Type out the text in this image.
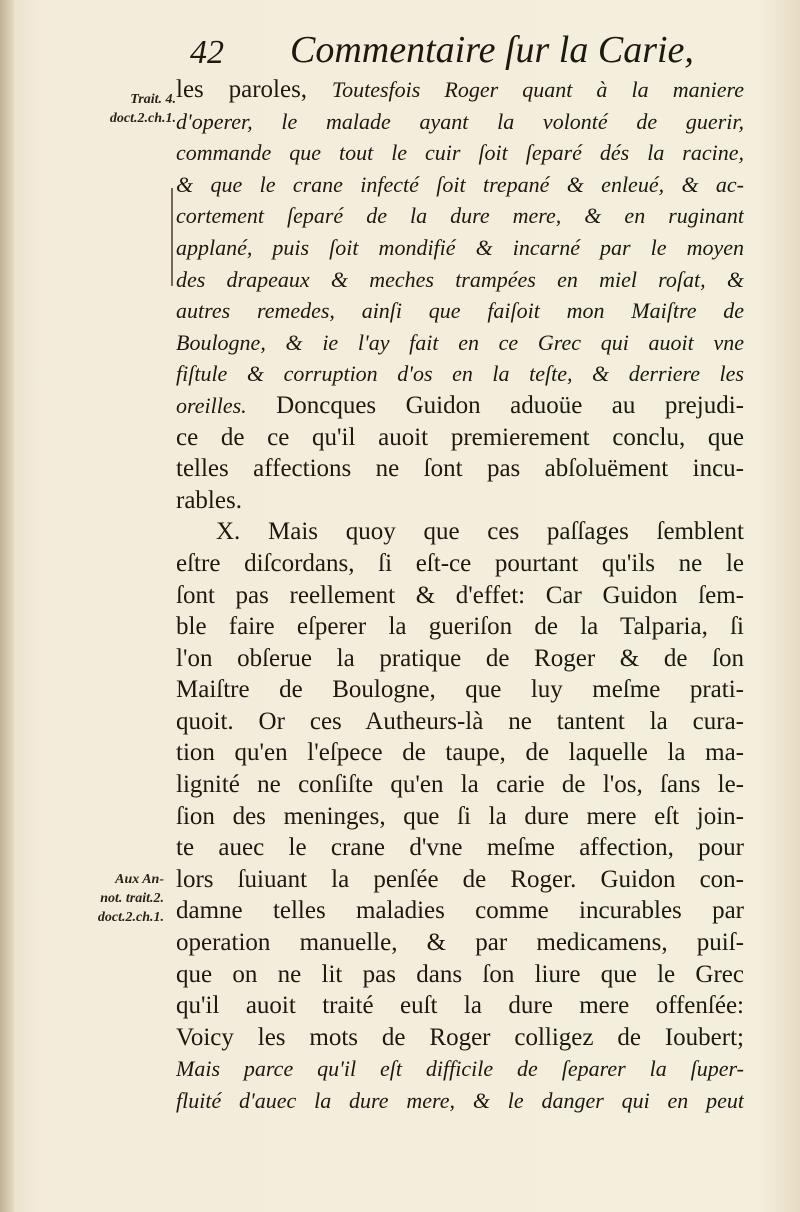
42 Commentaire ſur la Carie,
Trait. 4.
doct.2.ch.1.
Aux An-
not. trait.2.
doct.2.ch.1.
les paroles, Toutesfois Roger quant à la maniere
d'operer, le malade ayant la volonté de guerir,
commande que tout le cuir ſoit ſeparé dés la racine,
& que le crane infecté ſoit trepané & enleué, & ac-
cortement ſeparé de la dure mere, & en ruginant
applané, puis ſoit mondifié & incarné par le moyen
des drapeaux & meches trampées en miel roſat, &
autres remedes, ainſi que faiſoit mon Maiſtre de
Boulogne, & ie l'ay fait en ce Grec qui auoit vne
fiſtule & corruption d'os en la teſte, & derriere les
oreilles. Doncques Guidon aduoüe au prejudi-
ce de ce qu'il auoit premierement conclu, que
telles affections ne ſont pas abſoluëment incu-
rables.
X. Mais quoy que ces paſſages ſemblent
eſtre diſcordans, ſi eſt-ce pourtant qu'ils ne le
ſont pas reellement & d'effet: Car Guidon ſem-
ble faire eſperer la gueriſon de la Talparia, ſi
l'on obſerue la pratique de Roger & de ſon
Maiſtre de Boulogne, que luy meſme prati-
quoit. Or ces Autheurs-là ne tantent la cura-
tion qu'en l'eſpece de taupe, de laquelle la ma-
lignité ne conſiſte qu'en la carie de l'os, ſans le-
ſion des meninges, que ſi la dure mere eſt join-
te auec le crane d'vne meſme affection, pour
lors ſuiuant la penſée de Roger. Guidon con-
damne telles maladies comme incurables par
operation manuelle, & par medicamens, puiſ-
que on ne lit pas dans ſon liure que le Grec
qu'il auoit traité euſt la dure mere offenſée:
Voicy les mots de Roger colligez de Ioubert;
Mais parce qu'il eſt difficile de ſeparer la ſuper-
fluité d'auec la dure mere, & le danger qui en peut
